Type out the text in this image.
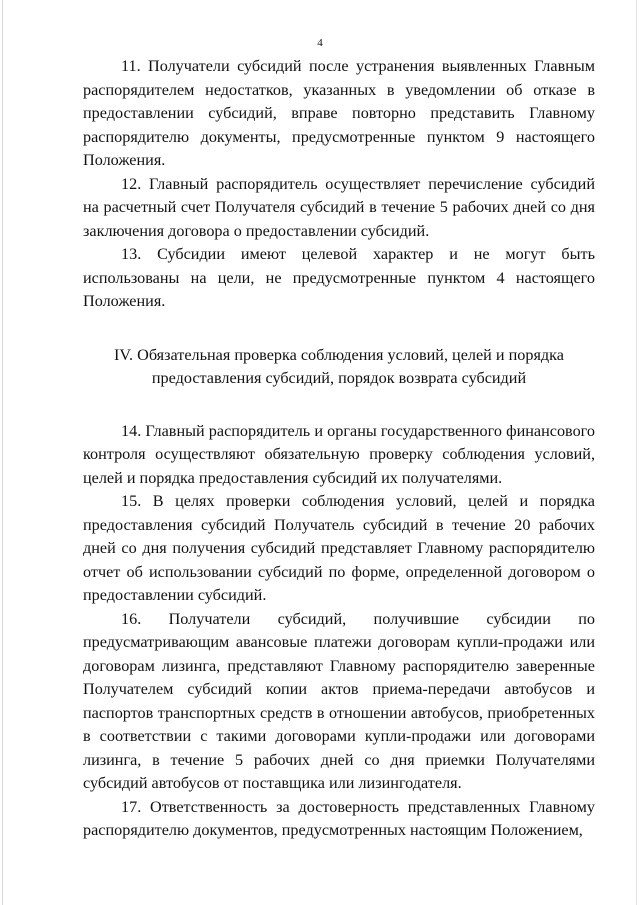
4

11. Получатели субсидий после устранения выявленных Главным распорядителем недостатков, указанных в уведомлении об отказе в предоставлении субсидий, вправе повторно представить Главному распорядителю документы, предусмотренные пунктом 9 настоящего Положения.

12. Главный распорядитель осуществляет перечисление субсидий на расчетный счет Получателя субсидий в течение 5 рабочих дней со дня заключения договора о предоставлении субсидий.

13. Субсидии имеют целевой характер и не могут быть использованы на цели, не предусмотренные пунктом 4 настоящего Положения.

IV. Обязательная проверка соблюдения условий, целей и порядка предоставления субсидий, порядок возврата субсидий

14. Главный распорядитель и органы государственного финансового контроля осуществляют обязательную проверку соблюдения условий, целей и порядка предоставления субсидий их получателями.

15. В целях проверки соблюдения условий, целей и порядка предоставления субсидий Получатель субсидий в течение 20 рабочих дней со дня получения субсидий представляет Главному распорядителю отчет об использовании субсидий по форме, определенной договором о предоставлении субсидий.

16. Получатели субсидий, получившие субсидии по предусматривающим авансовые платежи договорам купли-продажи или договорам лизинга, представляют Главному распорядителю заверенные Получателем субсидий копии актов приема-передачи автобусов и паспортов транспортных средств в отношении автобусов, приобретенных в соответствии с такими договорами купли-продажи или договорами лизинга, в течение 5 рабочих дней со дня приемки Получателями субсидий автобусов от поставщика или лизингодателя.

17. Ответственность за достоверность представленных Главному распорядителю документов, предусмотренных настоящим Положением,
